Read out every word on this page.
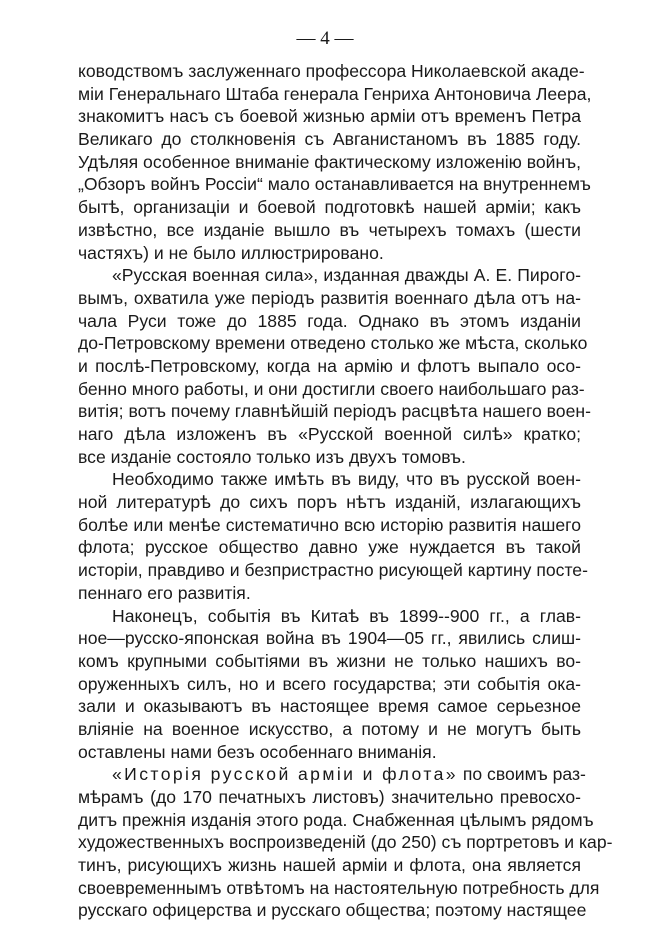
— 4 —
ководствомъ заслуженнаго профессора Николаевской акаде-
міи Генеральнаго Штаба генерала Генриха Антоновича Леера,
знакомитъ насъ съ боевой жизнью арміи отъ временъ Петра
Великаго до столкновенія съ Авганистаномъ въ 1885 году.
Удѣляя особенное вниманіе фактическому изложенію войнъ,
„Обзоръ войнъ Россіи“ мало останавливается на внутреннемъ
бытѣ, организаціи и боевой подготовкѣ нашей арміи; какъ
извѣстно, все изданіе вышло въ четырехъ томахъ (шести
частяхъ) и не было иллюстрировано.
«Русская военная сила», изданная дважды А. Е. Пирого-
вымъ, охватила уже періодъ развитія военнаго дѣла отъ на-
чала Руси тоже до 1885 года. Однако въ этомъ изданіи
до-Петровскому времени отведено столько же мѣста, сколько
и послѣ-Петровскому, когда на армію и флотъ выпало осо-
бенно много работы, и они достигли своего наибольшаго раз-
витія; вотъ почему главнѣйшій періодъ расцвѣта нашего воен-
наго дѣла изложенъ въ «Русской военной силѣ» кратко;
все изданіе состояло только изъ двухъ томовъ.
Необходимо также имѣть въ виду, что въ русской воен-
ной литературѣ до сихъ поръ нѣтъ изданій, излагающихъ
болѣе или менѣе систематично всю исторію развитія нашего
флота; русское общество давно уже нуждается въ такой
исторіи, правдиво и безпристрастно рисующей картину посте-
пеннаго его развитія.
Наконецъ, событія въ Китаѣ въ 1899--900 гг., а глав-
ное—русско-японская война въ 1904—05 гг., явились слиш-
комъ крупными событіями въ жизни не только нашихъ во-
оруженныхъ силъ, но и всего государства; эти событія ока-
зали и оказываютъ въ настоящее время самое серьезное
вліяніе на военное искусство, а потому и не могутъ быть
оставлены нами безъ особеннаго вниманія.
«Исторія русской арміи и флота» по своимъ раз-
мѣрамъ (до 170 печатныхъ листовъ) значительно превосхо-
дитъ прежнія изданія этого рода. Снабженная цѣлымъ рядомъ
художественныхъ воспроизведеній (до 250) съ портретовъ и кар-
тинъ, рисующихъ жизнь нашей арміи и флота, она является
своевременнымъ отвѣтомъ на настоятельную потребность для
русскаго офицерства и русскаго общества; поэтому настящее
